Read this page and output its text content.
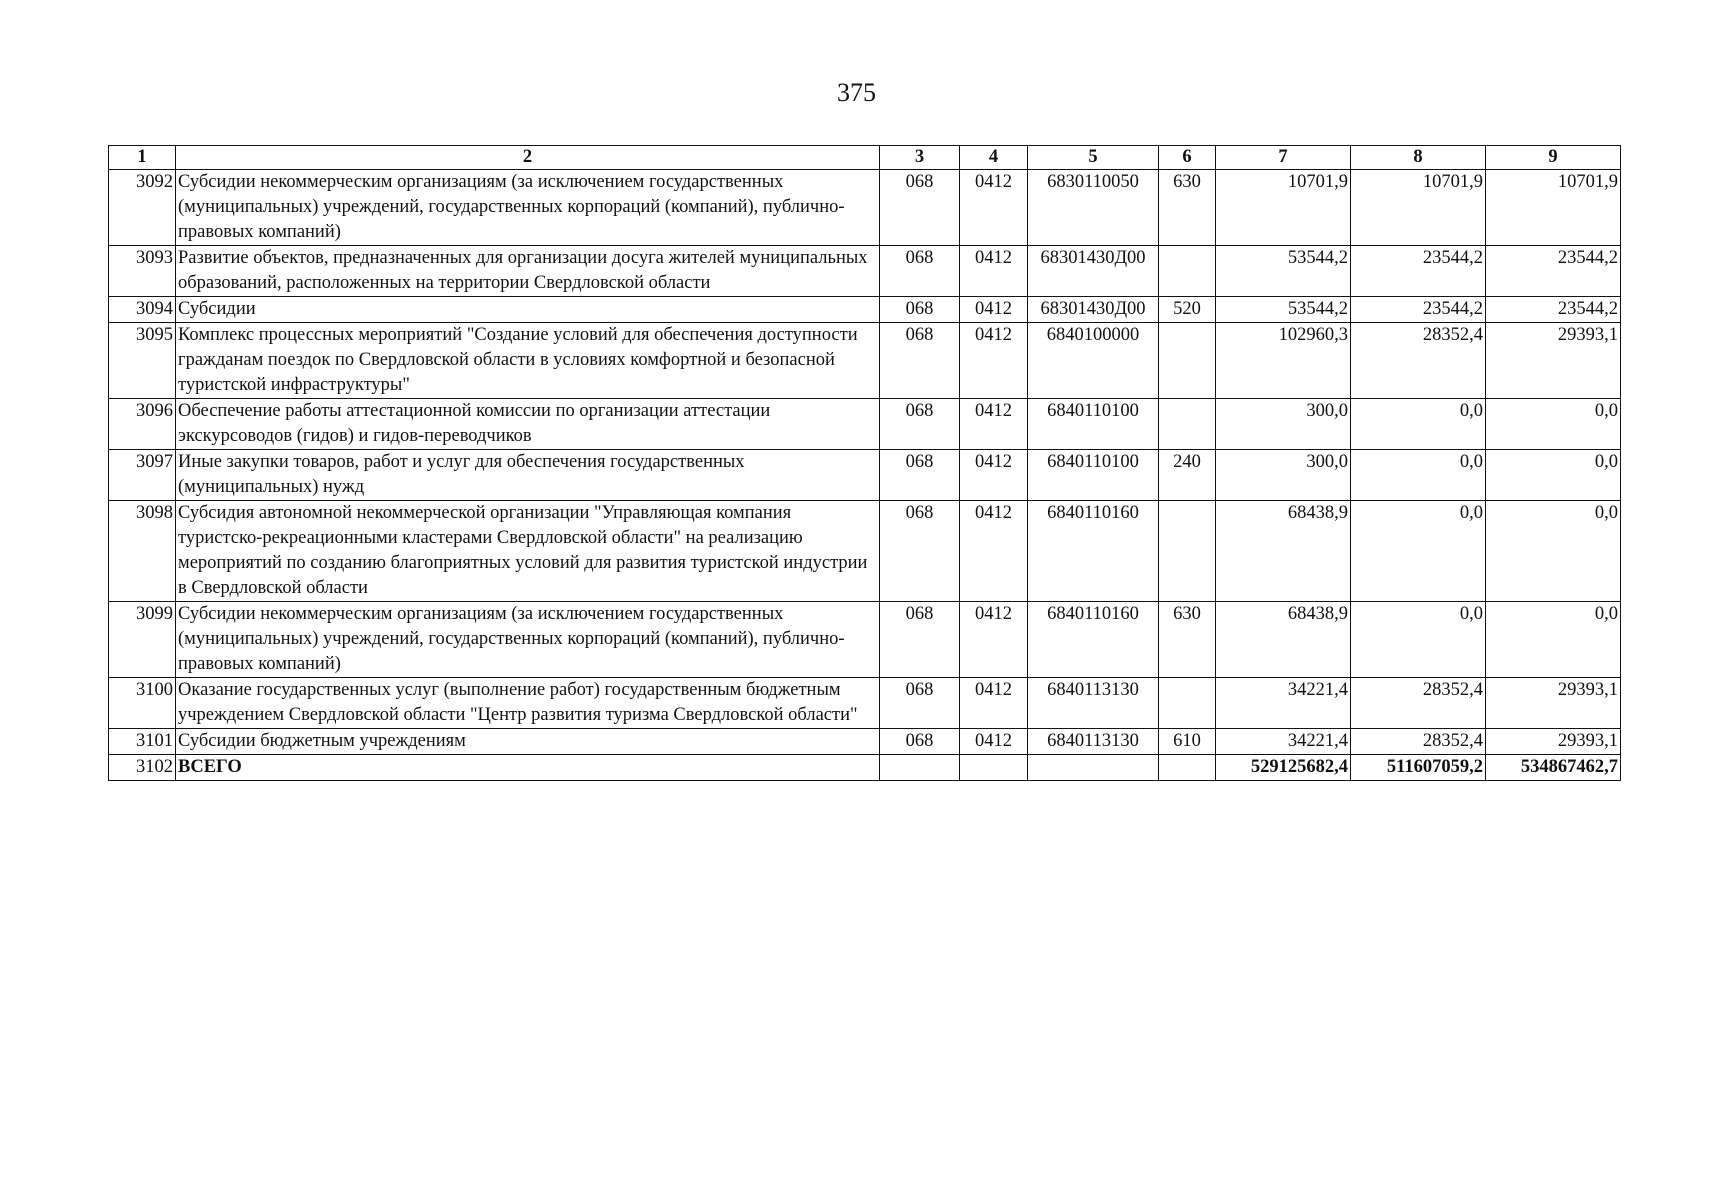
375
1	2	3	4	5	6	7	8	9
3092	Субсидии некоммерческим организациям (за исключением государственных (муниципальных) учреждений, государственных корпораций (компаний), публично-правовых компаний)	068	0412	6830110050	630	10701,9	10701,9	10701,9
3093	Развитие объектов, предназначенных для организации досуга жителей муниципальных образований, расположенных на территории Свердловской области	068	0412	68301430Д00		53544,2	23544,2	23544,2
3094	Субсидии	068	0412	68301430Д00	520	53544,2	23544,2	23544,2
3095	Комплекс процессных мероприятий "Создание условий для обеспечения доступности гражданам поездок по Свердловской области в условиях комфортной и безопасной туристской инфраструктуры"	068	0412	6840100000		102960,3	28352,4	29393,1
3096	Обеспечение работы аттестационной комиссии по организации аттестации экскурсоводов (гидов) и гидов-переводчиков	068	0412	6840110100		300,0	0,0	0,0
3097	Иные закупки товаров, работ и услуг для обеспечения государственных (муниципальных) нужд	068	0412	6840110100	240	300,0	0,0	0,0
3098	Субсидия автономной некоммерческой организации "Управляющая компания туристско-рекреационными кластерами Свердловской области" на реализацию мероприятий по созданию благоприятных условий для развития туристской индустрии в Свердловской области	068	0412	6840110160		68438,9	0,0	0,0
3099	Субсидии некоммерческим организациям (за исключением государственных (муниципальных) учреждений, государственных корпораций (компаний), публично-правовых компаний)	068	0412	6840110160	630	68438,9	0,0	0,0
3100	Оказание государственных услуг (выполнение работ) государственным бюджетным учреждением Свердловской области "Центр развития туризма Свердловской области"	068	0412	6840113130		34221,4	28352,4	29393,1
3101	Субсидии бюджетным учреждениям	068	0412	6840113130	610	34221,4	28352,4	29393,1
3102	ВСЕГО					529125682,4	511607059,2	534867462,7
